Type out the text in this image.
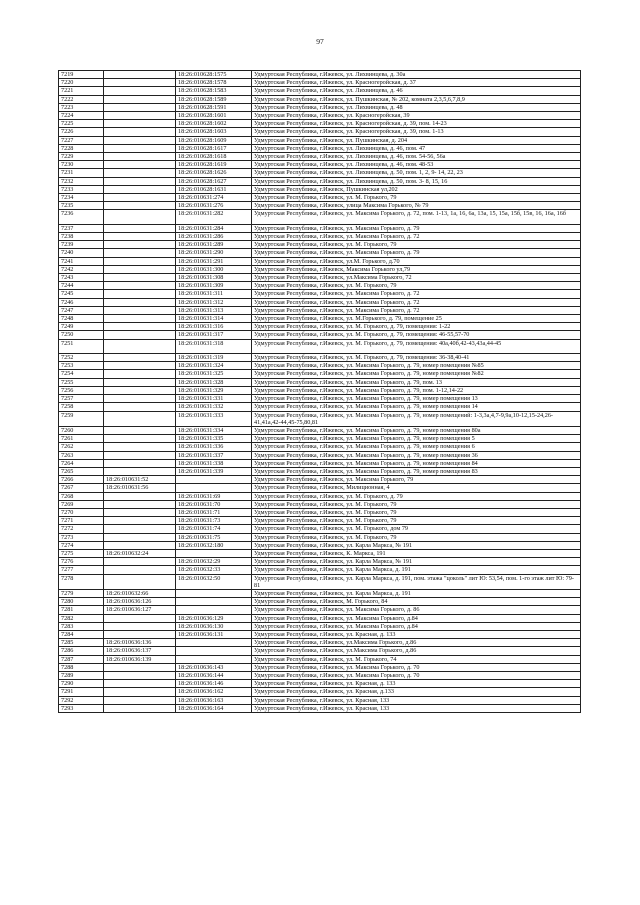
97
7219		18:26:010628:1575	Удмуртская Республика, г.Ижевск, ул. Лихвинцева, д. 30а
7220		18:26:010628:1578	Удмуртская Республика, г.Ижевск, ул. Красногеройская, д. 37
7221		18:26:010628:1583	Удмуртская Республика, г.Ижевск, ул. Лихвинцева, д. 46
7222		18:26:010628:1589	Удмуртская Республика, г.Ижевск, ул. Пушкинская, № 202, комната 2,3,5,6,7,8,9
7223		18:26:010628:1591	Удмуртская Республика, г.Ижевск, ул. Лихвинцева, д. 48
7224		18:26:010628:1601	Удмуртская Республика, г.Ижевск, ул. Красногеройская, 39
7225		18:26:010628:1602	Удмуртская Республика, г.Ижевск, ул. Красногеройская, д. 39, пом. 14-23
7226		18:26:010628:1603	Удмуртская Республика, г.Ижевск, ул. Красногеройская, д. 39, пом. 1-13
7227		18:26:010628:1609	Удмуртская Республика, г.Ижевск, ул. Пушкинская, д. 204
7228		18:26:010628:1617	Удмуртская Республика, г.Ижевск, ул. Лихвинцева, д. 46, пом. 47
7229		18:26:010628:1618	Удмуртская Республика, г.Ижевск, ул. Лихвинцева, д. 46, пом. 54-56, 56а
7230		18:26:010628:1619	Удмуртская Республика, г.Ижевск, ул. Лихвинцева, д. 46, пом. 48-53
7231		18:26:010628:1626	Удмуртская Республика, г.Ижевск, ул. Лихвинцева, д. 50, пом. 1, 2, 9- 14, 22, 23
7232		18:26:010628:1627	Удмуртская Республика, г.Ижевск, ул. Лихвинцева, д. 50, пом. 3- 8, 15, 16
7233		18:26:010628:1631	Удмуртская Республика, г.Ижевск, Пушкинская ул,202
7234		18:26:010631:274	Удмуртская Республика, г.Ижевск, ул. М. Горького, 79
7235		18:26:010631:276	Удмуртская Республика, г.Ижевск, улица Максима Горького, № 79
7236		18:26:010631:282	Удмуртская Республика, г.Ижевск, ул. Максима Горького, д. 72, пом. 1-13, 1а, 16, 6а, 13а, 15, 15а, 15б, 15в, 16, 16а, 16б
7237		18:26:010631:284	Удмуртская Республика, г.Ижевск, ул. Максима Горького, д. 79
7238		18:26:010631:286	Удмуртская Республика, г.Ижевск, ул. Максима Горького, д. 72
7239		18:26:010631:289	Удмуртская Республика, г.Ижевск, ул. М. Горького, 79
7240		18:26:010631:290	Удмуртская Республика, г.Ижевск, ул. Максима Горького, д. 79
7241		18:26:010631:291	Удмуртская Республика, г.Ижевск, ул.М. Горького, д.70
7242		18:26:010631:300	Удмуртская Республика, г.Ижевск, Максима Горького ул,79
7243		18:26:010631:308	Удмуртская Республика, г.Ижевск, ул.Максима Горького, 72
7244		18:26:010631:309	Удмуртская Республика, г.Ижевск, ул. М. Горького, 79
7245		18:26:010631:311	Удмуртская Республика, г.Ижевск, ул. Максима Горького, д. 72
7246		18:26:010631:312	Удмуртская Республика, г.Ижевск, ул. Максима Горького, д. 72
7247		18:26:010631:313	Удмуртская Республика, г.Ижевск, ул. Максима Горького, д. 72
7248		18:26:010631:314	Удмуртская Республика, г.Ижевск, ул. М.Горького, д. 79, помещение 25
7249		18:26:010631:316	Удмуртская Республика, г.Ижевск, ул. М. Горького, д. 79, помещения: 1-22
7250		18:26:010631:317	Удмуртская Республика, г.Ижевск, ул. М. Горького, д. 79, помещения: 46-55,57-70
7251		18:26:010631:318	Удмуртская Республика, г.Ижевск, ул. М. Горького, д. 79, помещения: 40а,40б,42-43,43а,44-45
7252		18:26:010631:319	Удмуртская Республика, г.Ижевск, ул. М. Горького, д. 79, помещения: 36-38,40-41
7253		18:26:010631:324	Удмуртская Республика, г.Ижевск, ул. Максима Горького, д. 79, номер помещения №85
7254		18:26:010631:325	Удмуртская Республика, г.Ижевск, ул. Максима Горького, д. 79, номер помещения №82
7255		18:26:010631:328	Удмуртская Республика, г.Ижевск, ул. Максима Горького, д. 79, пом. 13
7256		18:26:010631:329	Удмуртская Республика, г.Ижевск, ул. Максима Горького, д. 79, пом. 1-12,14-22
7257		18:26:010631:331	Удмуртская Республика, г.Ижевск, ул. Максима Горького, д. 79, номер помещения 13
7258		18:26:010631:332	Удмуртская Республика, г.Ижевск, ул. Максима Горького, д. 79, номер помещения 14
7259		18:26:010631:333	Удмуртская Республика, г.Ижевск, ул. Максима Горького, д. 79, номер помещений: 1-3,3а,4,7-9,9а,10-12,15-24,26-41,41а,42-44,45-75,80,81
7260		18:26:010631:334	Удмуртская Республика, г.Ижевск, ул. Максима Горького, д. 79, номер помещения 80а
7261		18:26:010631:335	Удмуртская Республика, г.Ижевск, ул. Максима Горького, д. 79, номер помещения 5
7262		18:26:010631:336	Удмуртская Республика, г.Ижевск, ул. Максима Горького, д. 79, номер помещения 6
7263		18:26:010631:337	Удмуртская Республика, г.Ижевск, ул. Максима Горького, д. 79, номер помещения 36
7264		18:26:010631:338	Удмуртская Республика, г.Ижевск, ул. Максима Горького, д. 79, номер помещения 84
7265		18:26:010631:339	Удмуртская Республика, г.Ижевск, ул. Максима Горького, д. 79, номер помещения 83
7266	18:26:010631:52		Удмуртская Республика, г.Ижевск, ул. Максима Горького, 79
7267	18:26:010631:56		Удмуртская Республика, г.Ижевск, Милиционная, 4
7268		18:26:010631:69	Удмуртская Республика, г.Ижевск, ул. М. Горького, д. 79
7269		18:26:010631:70	Удмуртская Республика, г.Ижевск, ул. М. Горького, 79
7270		18:26:010631:71	Удмуртская Республика, г.Ижевск, ул. М. Горького, 79
7271		18:26:010631:73	Удмуртская Республика, г.Ижевск, ул. М. Горького, 79
7272		18:26:010631:74	Удмуртская Республика, г.Ижевск, ул. М. Горького, дом 79
7273		18:26:010631:75	Удмуртская Республика, г.Ижевск, ул. М. Горького, 79
7274		18:26:010632:180	Удмуртская Республика, г.Ижевск, ул. Карла Маркса, № 191
7275	18:26:010632:24		Удмуртская Республика, г.Ижевск, К. Маркса, 191
7276		18:26:010632:29	Удмуртская Республика, г.Ижевск, ул. Карла Маркса, № 191
7277		18:26:010632:33	Удмуртская Республика, г.Ижевск, ул. Карла Маркса, д. 191
7278		18:26:010632:50	Удмуртская Республика, г.Ижевск, ул. Карла Маркса, д. 191, пом. этажа "цоколь" лит Ю: 53,54, пом. 1-го этаж лит Ю: 79-81
7279	18:26:010632:66		Удмуртская Республика, г.Ижевск, ул. Карла Маркса, д. 191
7280	18:26:010636:126		Удмуртская Республика, г.Ижевск, М. Горького, 84
7281	18:26:010636:127		Удмуртская Республика, г.Ижевск, ул. Максима Горького, д. 86
7282		18:26:010636:129	Удмуртская Республика, г.Ижевск, ул. Максима Горького, д.84
7283		18:26:010636:130	Удмуртская Республика, г.Ижевск, ул. Максима Горького, д.84
7284		18:26:010636:131	Удмуртская Республика, г.Ижевск, ул. Красная, д. 133
7285	18:26:010636:136		Удмуртская Республика, г.Ижевск, ул.Максима Горького, д.86
7286	18:26:010636:137		Удмуртская Республика, г.Ижевск, ул.Максима Горького, д.86
7287	18:26:010636:139		Удмуртская Республика, г.Ижевск, ул. М. Горького, 74
7288		18:26:010636:143	Удмуртская Республика, г.Ижевск, ул. Максима Горького, д. 70
7289		18:26:010636:144	Удмуртская Республика, г.Ижевск, ул. Максима Горького, д. 70
7290		18:26:010636:146	Удмуртская Республика, г.Ижевск, ул. Красная, д. 133
7291		18:26:010636:162	Удмуртская Республика, г.Ижевск, ул. Красная, д.133
7292		18:26:010636:163	Удмуртская Республика, г.Ижевск, ул. Красная, 133
7293		18:26:010636:164	Удмуртская Республика, г.Ижевск, ул. Красная, 133
